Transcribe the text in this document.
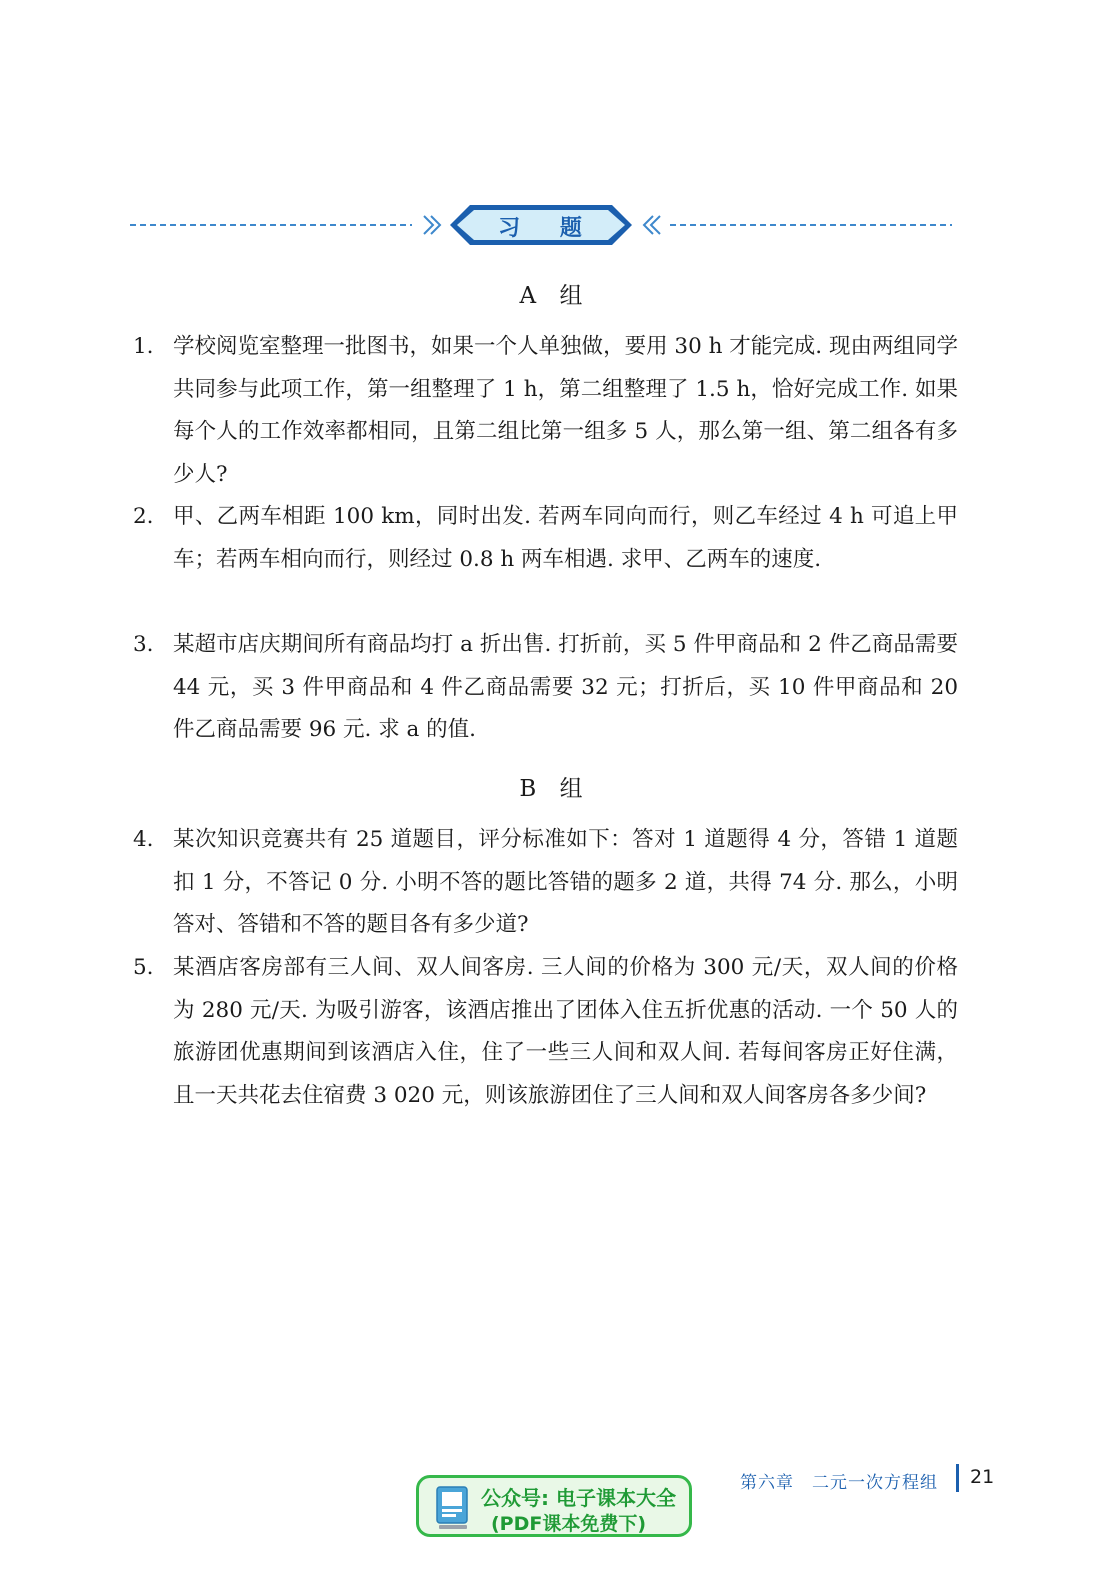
习 题
A 组
1. 学校阅览室整理一批图书，如果一个人单独做，要用 30 h 才能完成. 现由两组同学共同参与此项工作，第一组整理了 1 h，第二组整理了 1.5 h，恰好完成工作. 如果每个人的工作效率都相同，且第二组比第一组多 5 人，那么第一组、第二组各有多少人?
2. 甲、乙两车相距 100 km，同时出发. 若两车同向而行，则乙车经过 4 h 可追上甲车；若两车相向而行，则经过 0.8 h 两车相遇. 求甲、乙两车的速度.
3. 某超市店庆期间所有商品均打 a 折出售. 打折前，买 5 件甲商品和 2 件乙商品需要 44 元，买 3 件甲商品和 4 件乙商品需要 32 元；打折后，买 10 件甲商品和 20 件乙商品需要 96 元. 求 a 的值.
B 组
4. 某次知识竞赛共有 25 道题目，评分标准如下：答对 1 道题得 4 分，答错 1 道题扣 1 分，不答记 0 分. 小明不答的题比答错的题多 2 道，共得 74 分. 那么，小明答对、答错和不答的题目各有多少道?
5. 某酒店客房部有三人间、双人间客房. 三人间的价格为 300 元/天，双人间的价格为 280 元/天. 为吸引游客，该酒店推出了团体入住五折优惠的活动. 一个 50 人的旅游团优惠期间到该酒店入住，住了一些三人间和双人间. 若每间客房正好住满，且一天共花去住宿费 3 020 元，则该旅游团住了三人间和双人间客房各多少间?
公众号: 电子课本大全
(PDF课本免费下)
第六章　二元一次方程组 21
